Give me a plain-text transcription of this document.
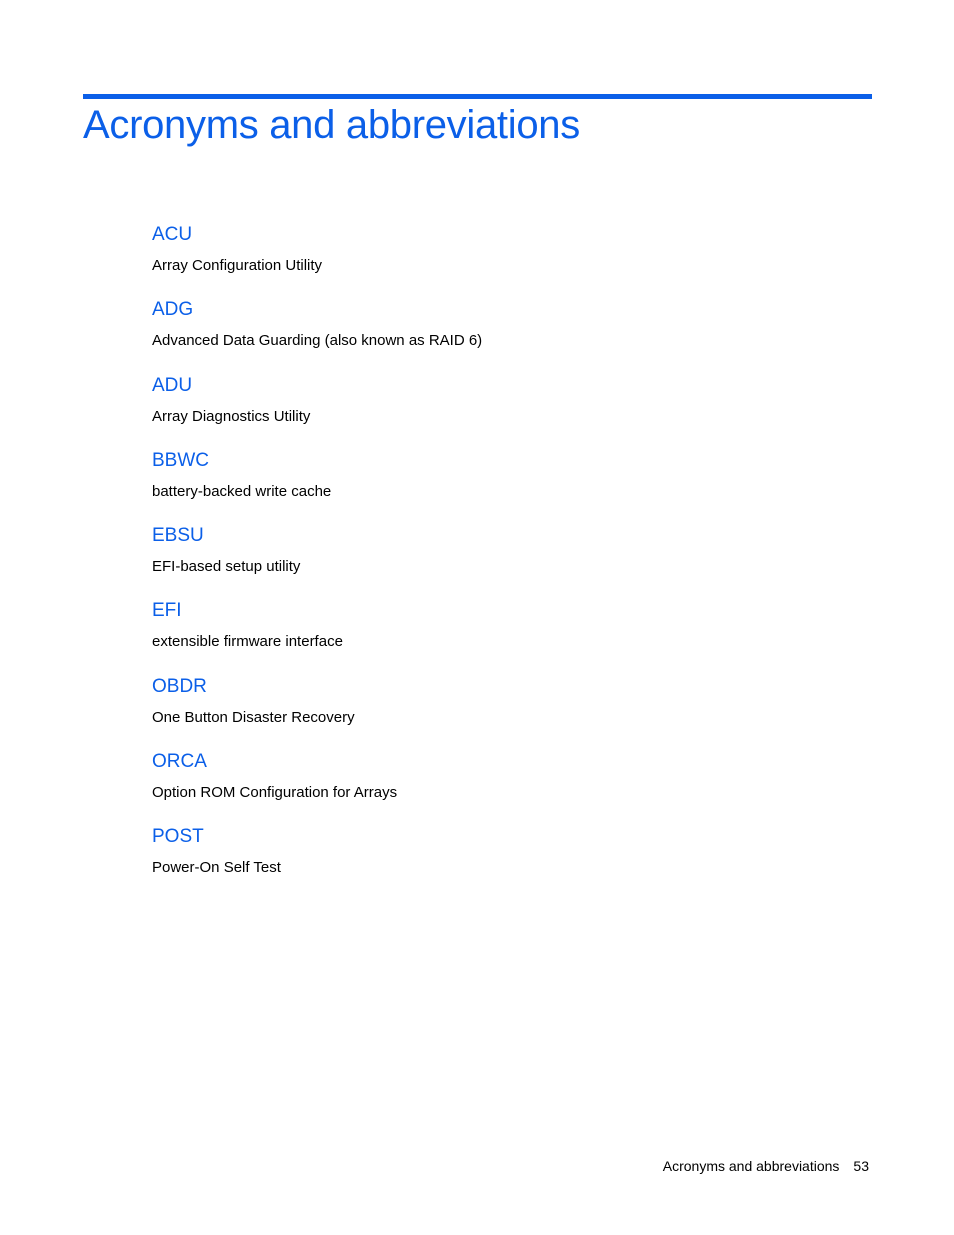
Acronyms and abbreviations
ACU
Array Configuration Utility
ADG
Advanced Data Guarding (also known as RAID 6)
ADU
Array Diagnostics Utility
BBWC
battery-backed write cache
EBSU
EFI-based setup utility
EFI
extensible firmware interface
OBDR
One Button Disaster Recovery
ORCA
Option ROM Configuration for Arrays
POST
Power-On Self Test
Acronyms and abbreviations 53
